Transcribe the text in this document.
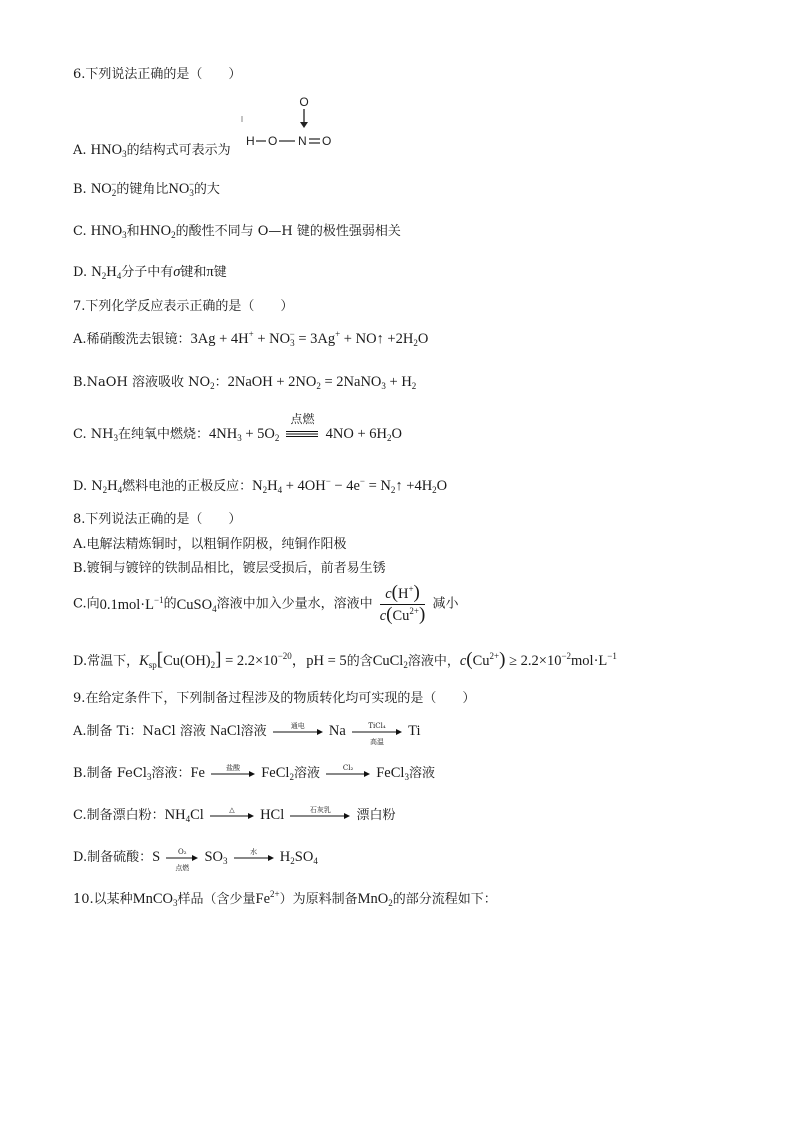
6.下列说法正确的是（　　）
A. $HNO_3$的结构式可表示为
O
H O N O
B. $NO_2^-$的键角比$NO_3^-$的大
C. $HNO_3$和$HNO_2$的酸性不同与 O—H 键的极性强弱相关
D. $N_2H_4$分子中有σ键和π键
7.下列化学反应表示正确的是（　　）
A.稀硝酸洗去银镜：$3Ag + 4H^+ + NO_3^- = 3Ag^+$ + NO↑ $+2H_2O$
B.NaOH 溶液吸收 $NO_2$：2NaOH + $2NO_2$ = 2NaNO$_3$ + $H_2$
C. $NH_3$在纯氧中燃烧：$4NH_3 + 5O_2$
点燃
$4NO + 6H_2O$
D. $N_2H_4$燃料电池的正极反应：$N_2H_4 + 4OH^- - 4e^-$ = $N_2↑ +4H_2O$
8.下列说法正确的是（　　）
A.电解法精炼铜时，以粗铜作阴极，纯铜作阳极
B.镀铜与镀锌的铁制品相比，镀层受损后，前者易生锈
C.向$0.1mol\cdot L^{-1}$的CuSO$_4$溶液中加入少量水，溶液中 $\frac{c(H^+)}{c(Cu^{2+})}$ 减小
D.常温下，$K_{sp}[Cu(OH)_2] = 2.2\times 10^{-20}$，pH = 5的含CuCl$_2$溶液中，$c(Cu^{2+}) \ge 2.2\times 10^{-2}mol\cdot L^{-1}$
9.在给定条件下，下列制备过程涉及的物质转化均可实现的是（　　）
A.制备 Ti：NaCl 溶液 NaCl溶液	通电	Na	TiCl₄
高温
Ti
B.制备 FeCl$_3$溶液：Fe	盐酸	FeCl$_2$溶液	Cl₂	FeCl$_3$溶液
C.制备漂白粉：$NH_4Cl$	△	HCl	石灰乳	漂白粉
D.制备硫酸：S	O₂
点燃
$SO_3$
水	$H_2SO_4$
10.以某种MnCO$_3$样品（含少量$Fe^{2+}$）为原料制备MnO$_2$的部分流程如下：
